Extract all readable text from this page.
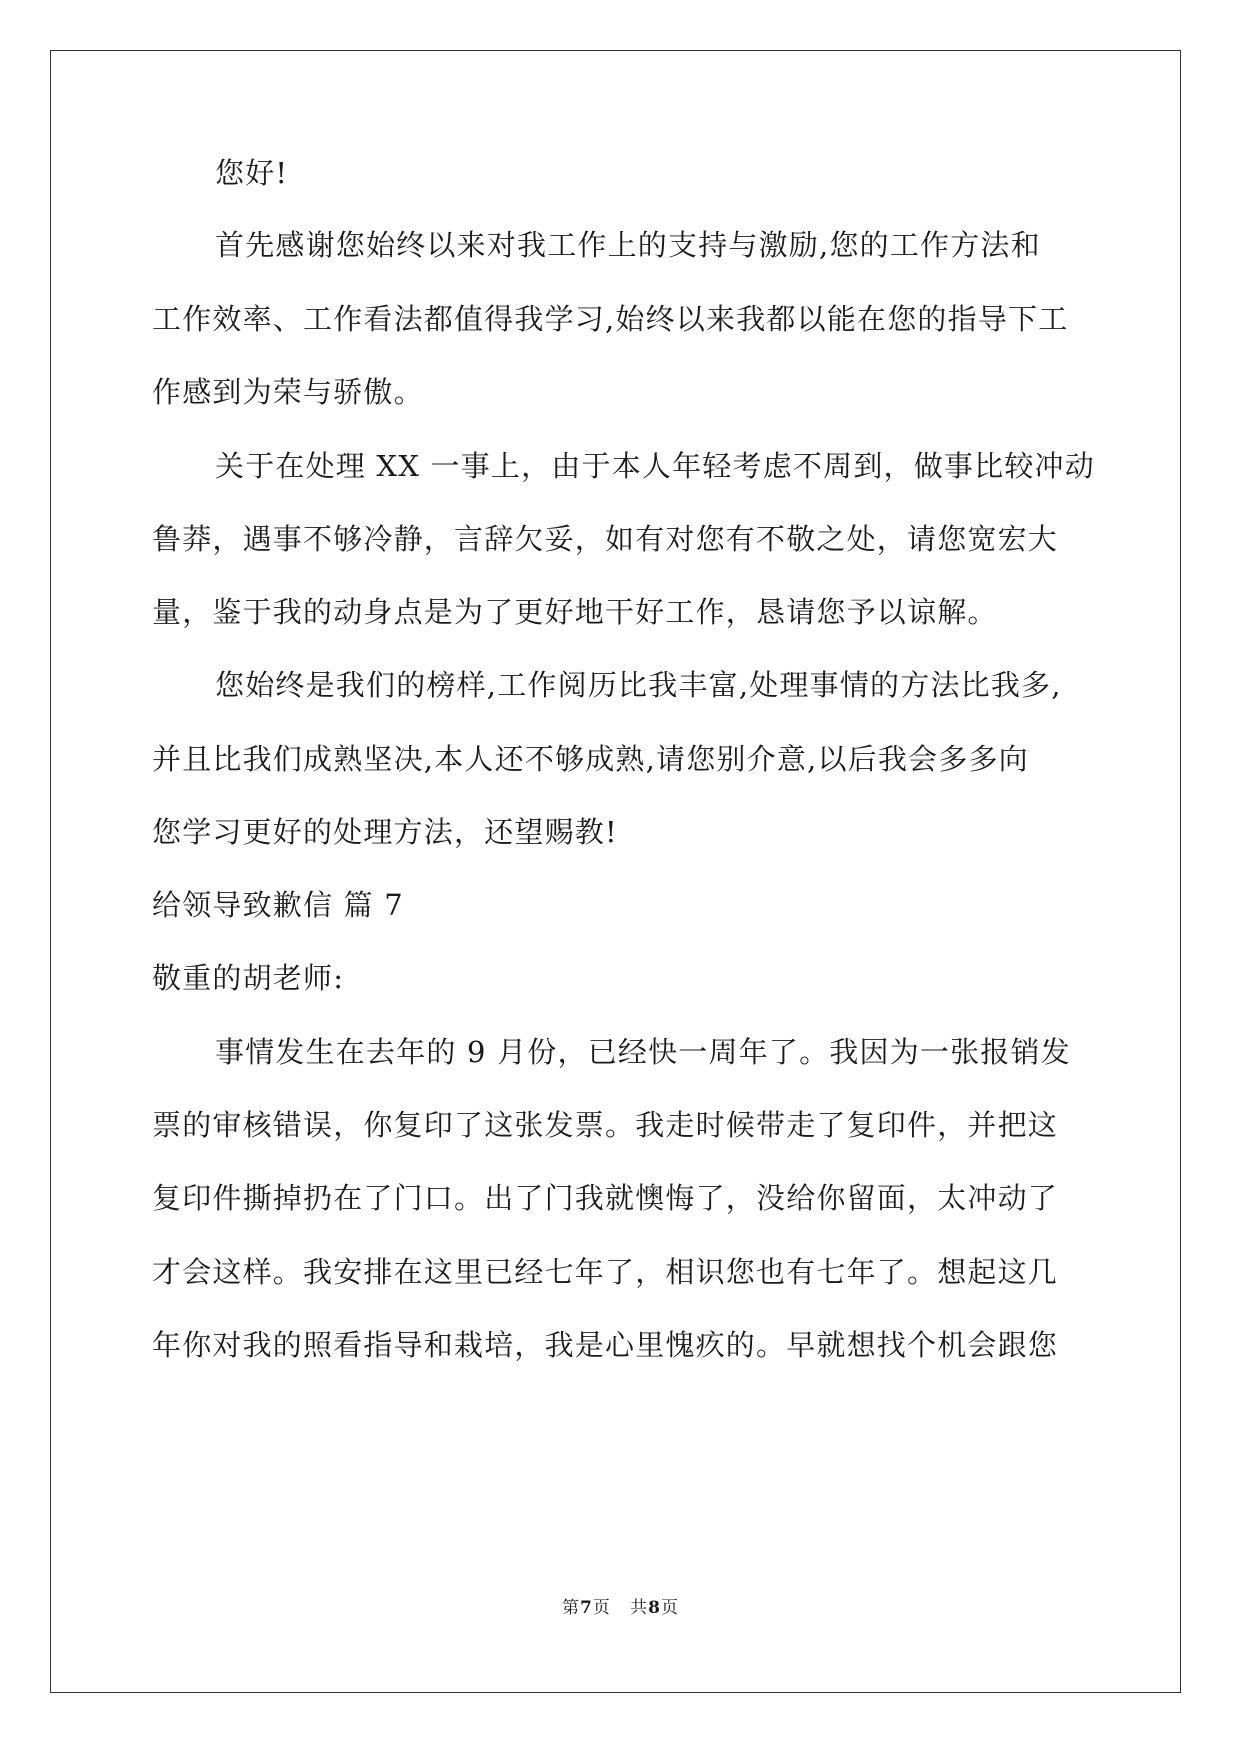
您好!
首先感谢您始终以来对我工作上的支持与激励,您的工作方法和
工作效率、工作看法都值得我学习,始终以来我都以能在您的指导下工
作感到为荣与骄傲。
关于在处理 XX 一事上，由于本人年轻考虑不周到，做事比较冲动
鲁莽，遇事不够冷静，言辞欠妥，如有对您有不敬之处，请您宽宏大
量，鉴于我的动身点是为了更好地干好工作，恳请您予以谅解。
您始终是我们的榜样,工作阅历比我丰富,处理事情的方法比我多,
并且比我们成熟坚决,本人还不够成熟,请您别介意,以后我会多多向
您学习更好的处理方法，还望赐教!
给领导致歉信 篇 7
敬重的胡老师:
事情发生在去年的 9 月份，已经快一周年了。我因为一张报销发
票的审核错误，你复印了这张发票。我走时候带走了复印件，并把这
复印件撕掉扔在了门口。出了门我就懊悔了，没给你留面，太冲动了
才会这样。我安排在这里已经七年了，相识您也有七年了。想起这几
年你对我的照看指导和栽培，我是心里愧疚的。早就想找个机会跟您
第7页   共8页
